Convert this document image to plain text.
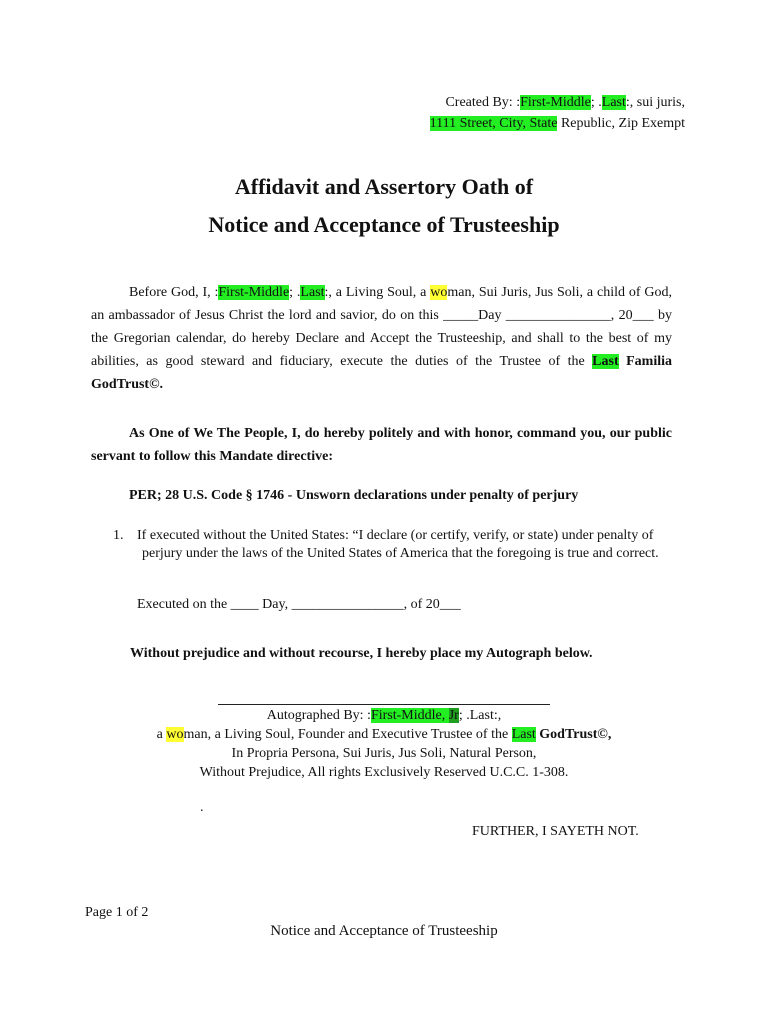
Created By: :First-Middle; .Last:, sui juris,
1111 Street, City, State Republic, Zip Exempt
Affidavit and Assertory Oath of
Notice and Acceptance of Trusteeship
Before God, I, :First-Middle; .Last:, a Living Soul, a woman, Sui Juris, Jus Soli, a child of God, an ambassador of Jesus Christ the lord and savior, do on this _____Day _______________, 20___ by the Gregorian calendar, do hereby Declare and Accept the Trusteeship, and shall to the best of my abilities, as good steward and fiduciary, execute the duties of the Trustee of the Last Familia GodTrust©.
As One of We The People, I, do hereby politely and with honor, command you, our public servant to follow this Mandate directive:
PER; 28 U.S. Code § 1746 - Unsworn declarations under penalty of perjury
1. If executed without the United States: “I declare (or certify, verify, or state) under penalty of perjury under the laws of the United States of America that the foregoing is true and correct.
Executed on the ____ Day, ________________, of 20___
Without prejudice and without recourse, I hereby place my Autograph below.
Autographed By: :First-Middle, Jr; .Last:,
a woman, a Living Soul, Founder and Executive Trustee of the Last GodTrust©,
In Propria Persona, Sui Juris, Jus Soli, Natural Person,
Without Prejudice, All rights Exclusively Reserved U.C.C. 1-308.
.
FURTHER, I SAYETH NOT.
Page 1 of 2
Notice and Acceptance of Trusteeship
